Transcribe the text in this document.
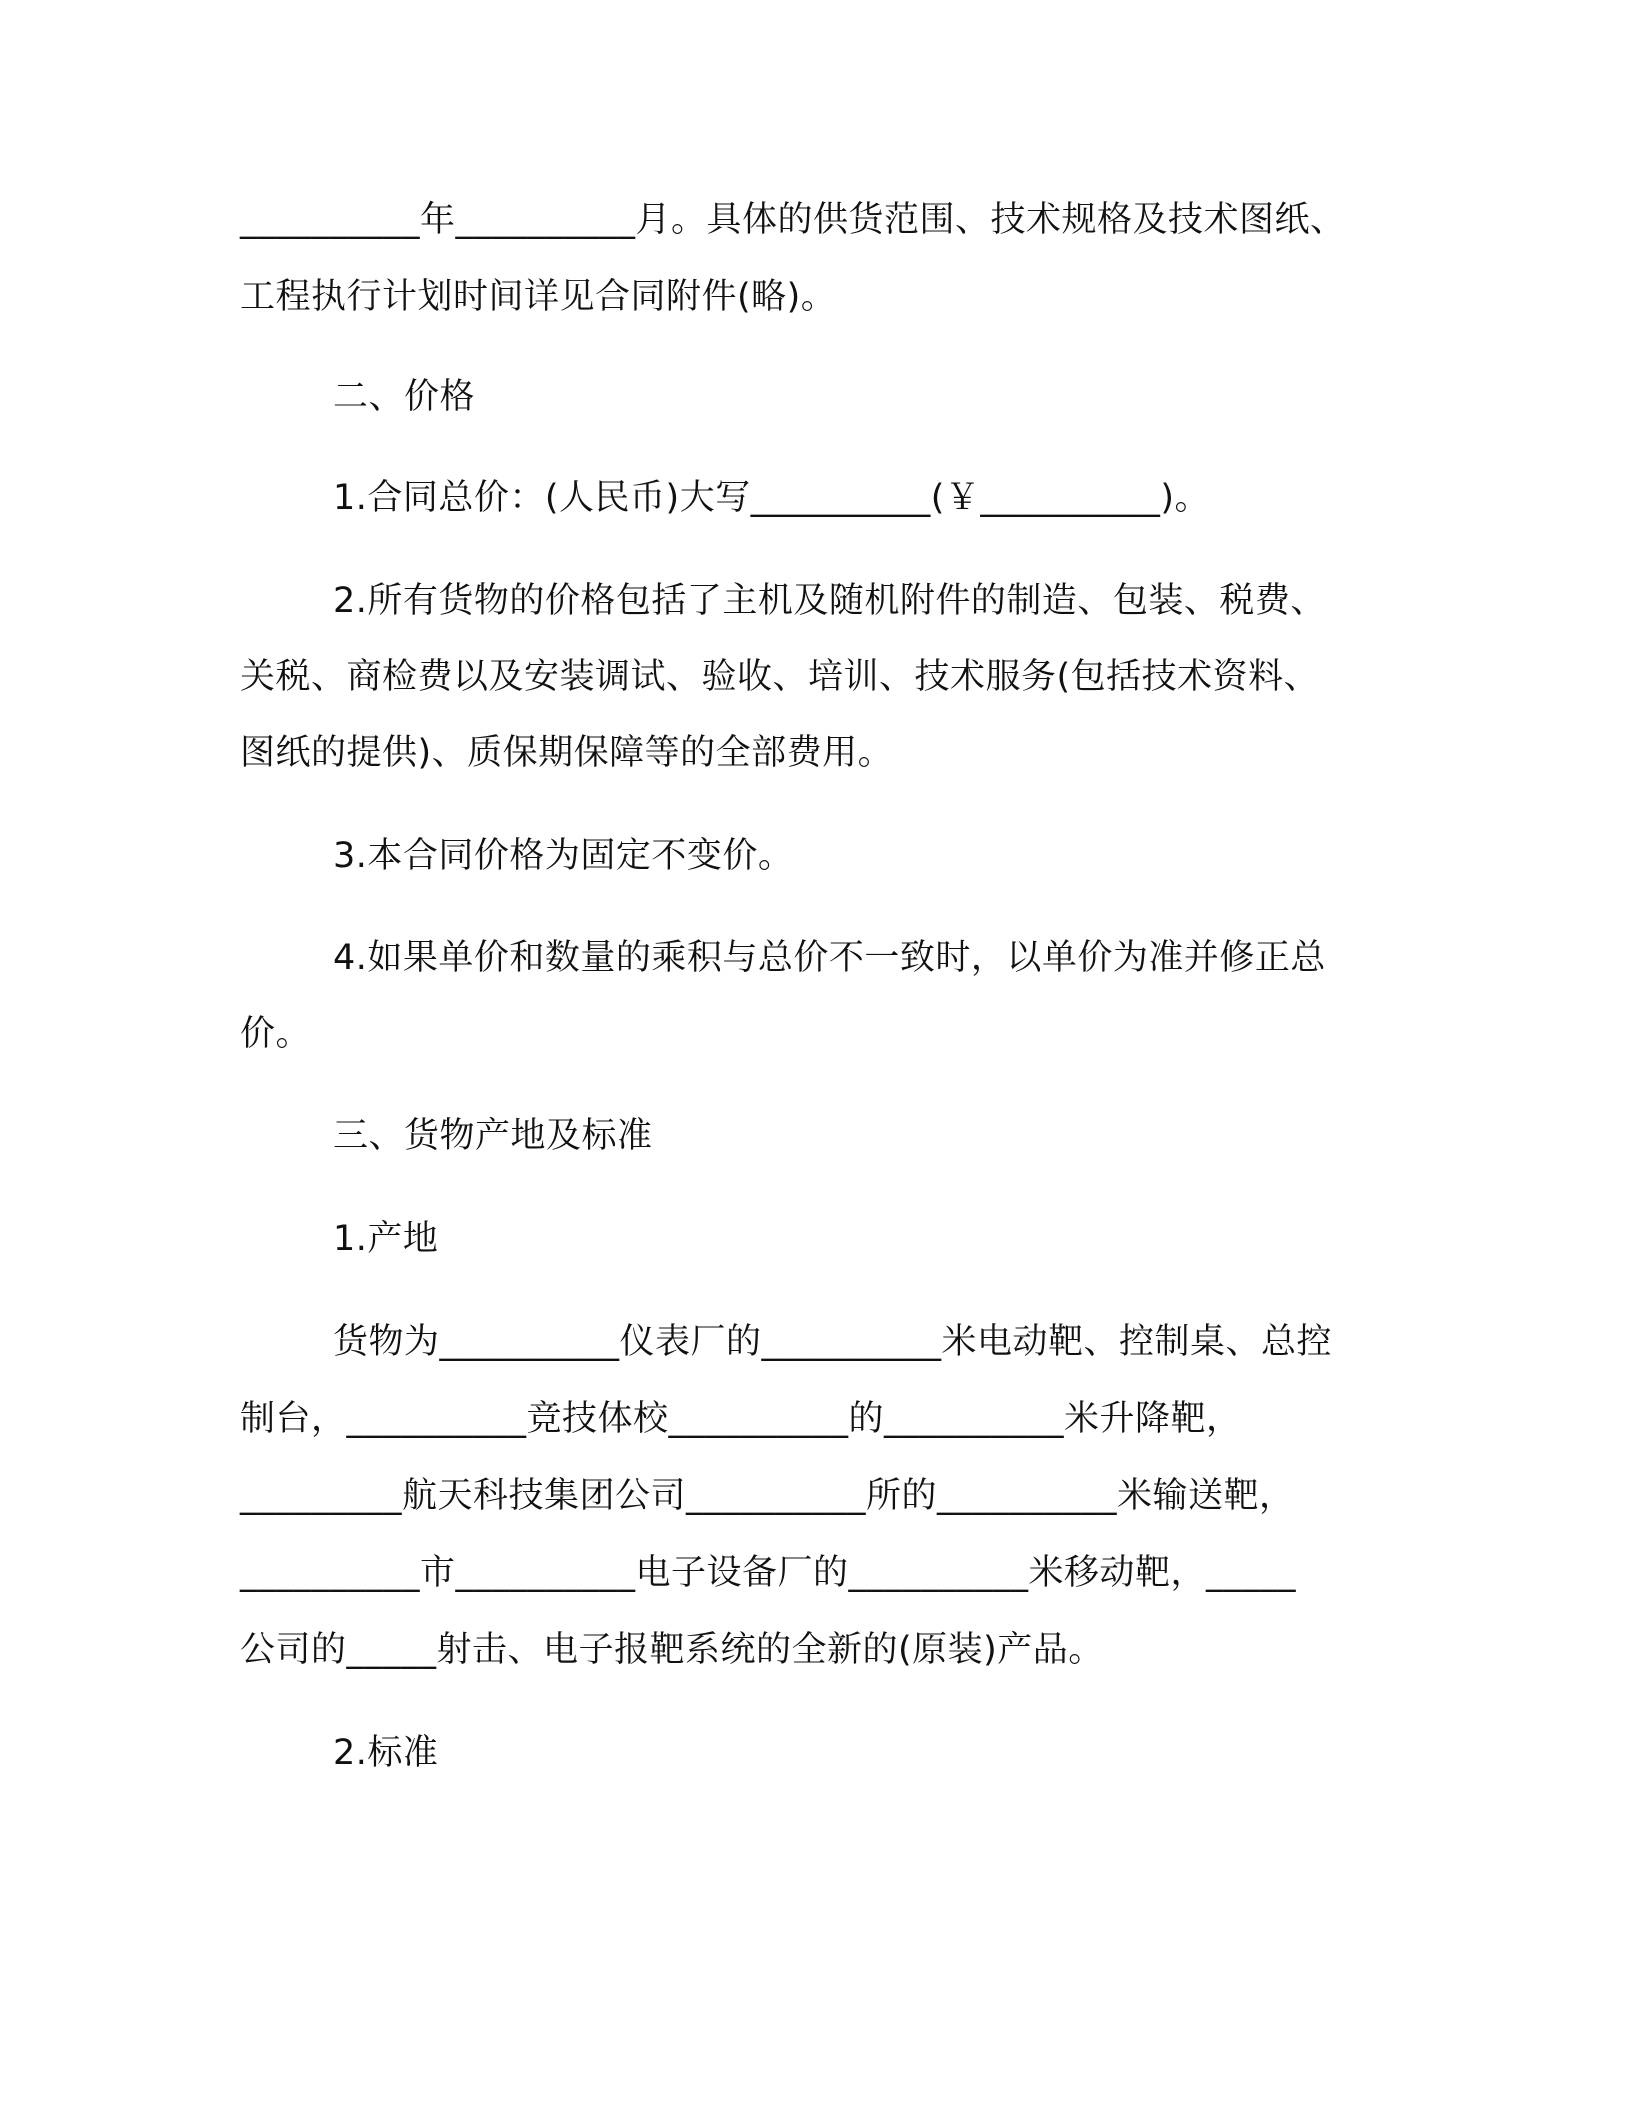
__________年__________月。具体的供货范围、技术规格及技术图纸、
工程执行计划时间详见合同附件(略)。
二、价格
1.合同总价：(人民币)大写__________(￥__________)。
2.所有货物的价格包括了主机及随机附件的制造、包装、税费、
关税、商检费以及安装调试、验收、培训、技术服务(包括技术资料、
图纸的提供)、质保期保障等的全部费用。
3.本合同价格为固定不变价。
4.如果单价和数量的乘积与总价不一致时，以单价为准并修正总
价。
三、货物产地及标准
1.产地
货物为__________仪表厂的__________米电动靶、控制桌、总控
制台，__________竞技体校__________的__________米升降靶，
_________航天科技集团公司__________所的__________米输送靶，
__________市__________电子设备厂的__________米移动靶，_____
公司的_____射击、电子报靶系统的全新的(原装)产品。
2.标准
